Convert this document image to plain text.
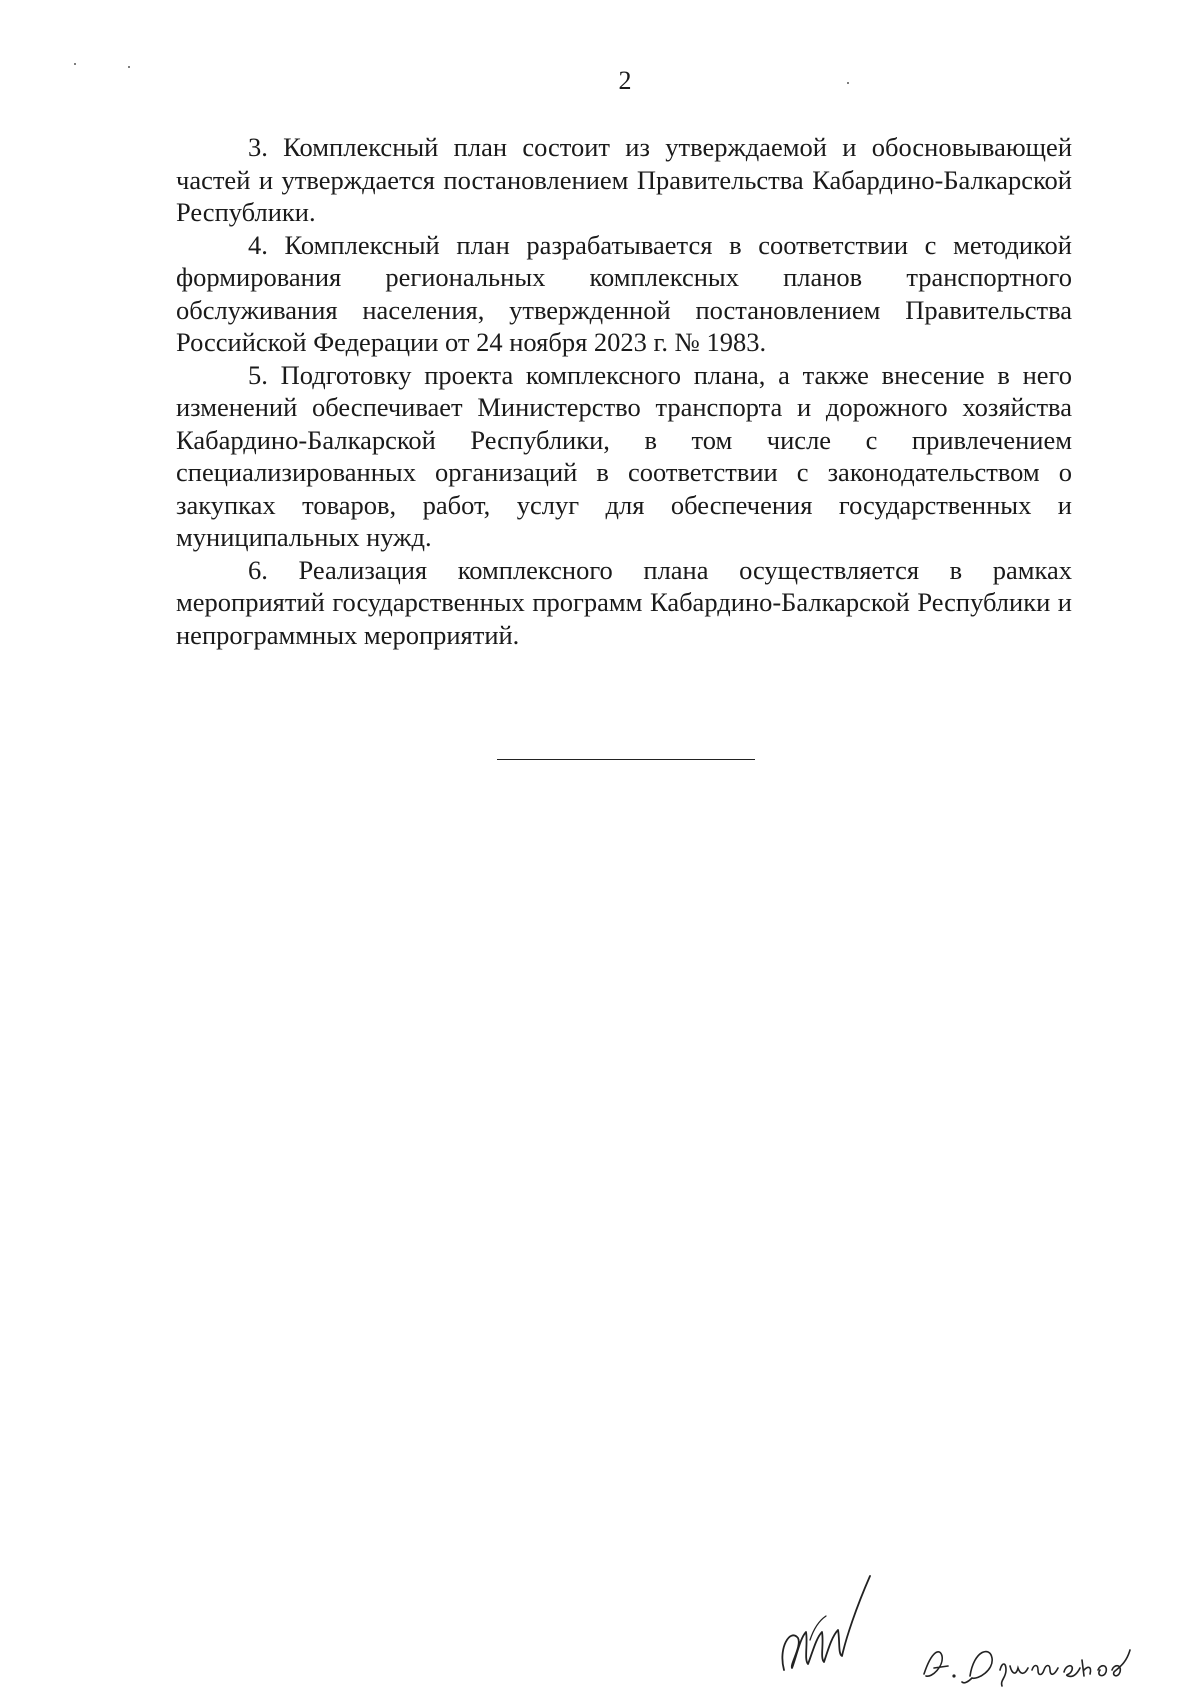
2

3. Комплексный план состоит из утверждаемой и обосновывающей частей и утверждается постановлением Правительства Кабардино-Балкарской Республики.

4. Комплексный план разрабатывается в соответствии с методикой формирования региональных комплексных планов транспортного обслуживания населения, утвержденной постановлением Правительства Российской Федерации от 24 ноября 2023 г. № 1983.

5. Подготовку проекта комплексного плана, а также внесение в него изменений обеспечивает Министерство транспорта и дорожного хозяйства Кабардино-Балкарской Республики, в том числе с привлечением специализированных организаций в соответствии с законодательством о закупках товаров, работ, услуг для обеспечения государственных и муниципальных нужд.

6. Реализация комплексного плана осуществляется в рамках мероприятий государственных программ Кабардино-Балкарской Республики и непрограммных мероприятий.
